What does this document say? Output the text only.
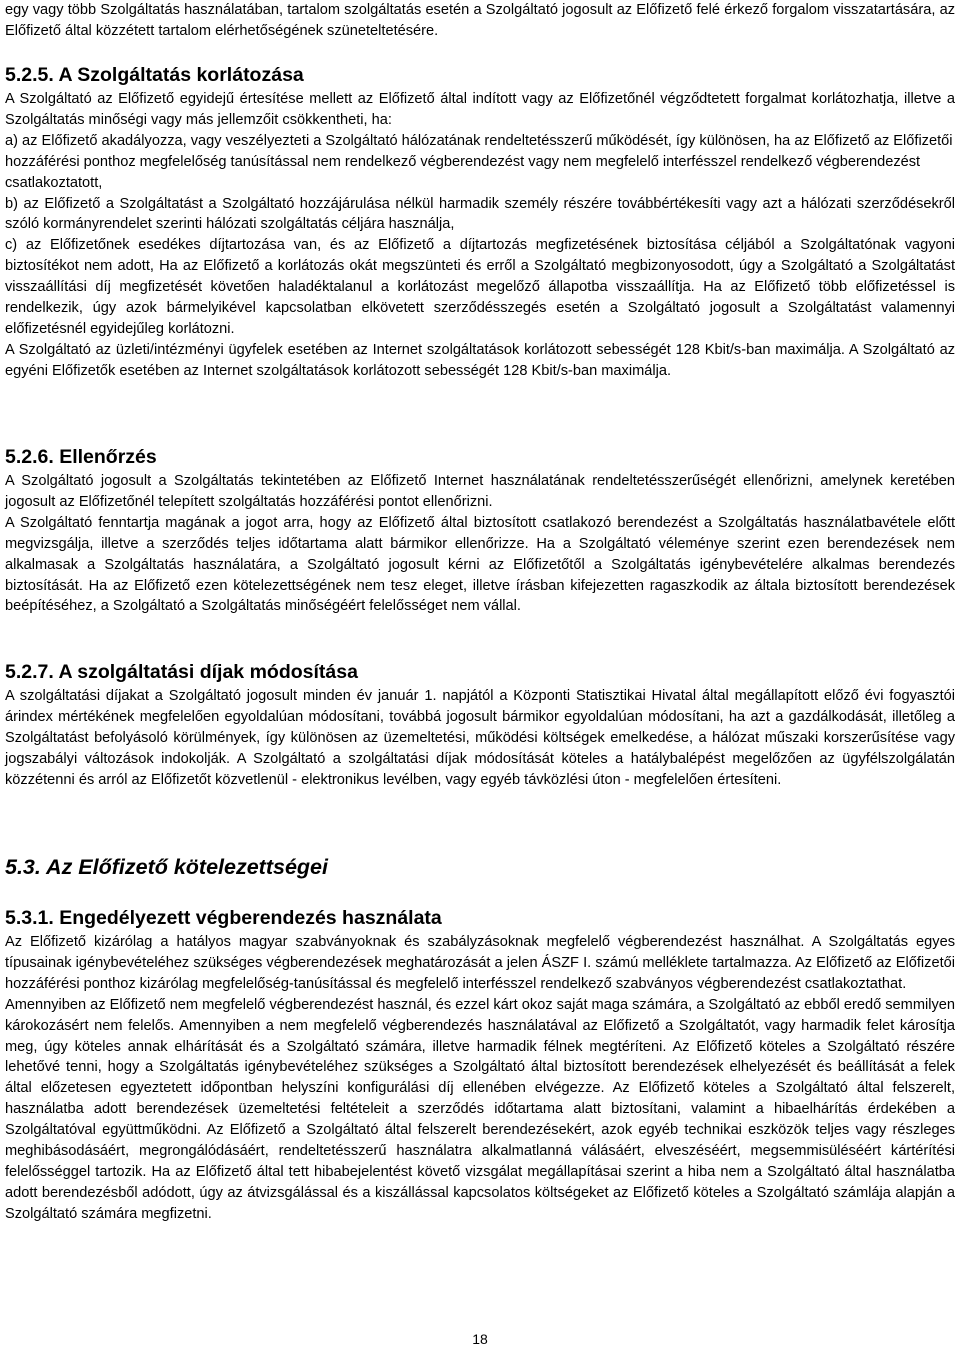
egy vagy több Szolgáltatás használatában, tartalom szolgáltatás esetén a Szolgáltató jogosult az Előfizető felé érkező forgalom visszatartására, az Előfizető által közzétett tartalom elérhetőségének szüneteltetésére.

5.2.5. A Szolgáltatás korlátozása

A Szolgáltató az Előfizető egyidejű értesítése mellett az Előfizető által indított vagy az Előfizetőnél végződtetett forgalmat korlátozhatja, illetve a Szolgáltatás minőségi vagy más jellemzőit csökkentheti, ha:

a) az Előfizető akadályozza, vagy veszélyezteti a Szolgáltató hálózatának rendeltetésszerű működését, így különösen, ha az Előfizető az Előfizetői hozzáférési ponthoz megfelelőség tanúsítással nem rendelkező végberendezést vagy nem megfelelő interfésszel rendelkező végberendezést csatlakoztatott,

b) az Előfizető a Szolgáltatást a Szolgáltató hozzájárulása nélkül harmadik személy részére továbbértékesíti vagy azt a hálózati szerződésekről szóló kormányrendelet szerinti hálózati szolgáltatás céljára használja,

c) az Előfizetőnek esedékes díjtartozása van, és az Előfizető a díjtartozás megfizetésének biztosítása céljából a Szolgáltatónak vagyoni biztosítékot nem adott, Ha az Előfizető a korlátozás okát megszünteti és erről a Szolgáltató megbizonyosodott, úgy a Szolgáltató a Szolgáltatást visszaállítási díj megfizetését követően haladéktalanul a korlátozást megelőző állapotba visszaállítja. Ha az Előfizető több előfizetéssel is rendelkezik, úgy azok bármelyikével kapcsolatban elkövetett szerződésszegés esetén a Szolgáltató jogosult a Szolgáltatást valamennyi előfizetésnél egyidejűleg korlátozni.

A Szolgáltató az üzleti/intézményi ügyfelek esetében az Internet szolgáltatások korlátozott sebességét 128 Kbit/s-ban maximálja. A Szolgáltató az egyéni Előfizetők esetében az Internet szolgáltatások korlátozott sebességét 128 Kbit/s-ban maximálja.

5.2.6. Ellenőrzés

A Szolgáltató jogosult a Szolgáltatás tekintetében az Előfizető Internet használatának rendeltetésszerűségét ellenőrizni, amelynek keretében jogosult az Előfizetőnél telepített szolgáltatás hozzáférési pontot ellenőrizni.

A Szolgáltató fenntartja magának a jogot arra, hogy az Előfizető által biztosított csatlakozó berendezést a Szolgáltatás használatbavétele előtt megvizsgálja, illetve a szerződés teljes időtartama alatt bármikor ellenőrizze. Ha a Szolgáltató véleménye szerint ezen berendezések nem alkalmasak a Szolgáltatás használatára, a Szolgáltató jogosult kérni az Előfizetőtől a Szolgáltatás igénybevételére alkalmas berendezés biztosítását. Ha az Előfizető ezen kötelezettségének nem tesz eleget, illetve írásban kifejezetten ragaszkodik az általa biztosított berendezések beépítéséhez, a Szolgáltató a Szolgáltatás minőségéért felelősséget nem vállal.

5.2.7. A szolgáltatási díjak módosítása

A szolgáltatási díjakat a Szolgáltató jogosult minden év január 1. napjától a Központi Statisztikai Hivatal által megállapított előző évi fogyasztói árindex mértékének megfelelően egyoldalúan módosítani, továbbá jogosult bármikor egyoldalúan módosítani, ha azt a gazdálkodását, illetőleg a Szolgáltatást befolyásoló körülmények, így különösen az üzemeltetési, működési költségek emelkedése, a hálózat műszaki korszerűsítése vagy jogszabályi változások indokolják. A Szolgáltató a szolgáltatási díjak módosítását köteles a hatálybalépést megelőzően az ügyfélszolgálatán közzétenni és arról az Előfizetőt közvetlenül - elektronikus levélben, vagy egyéb távközlési úton - megfelelően értesíteni.

5.3. Az Előfizető kötelezettségei
5.3.1. Engedélyezett végberendezés használata

Az Előfizető kizárólag a hatályos magyar szabványoknak és szabályzásoknak megfelelő végberendezést használhat. A Szolgáltatás egyes típusainak igénybevételéhez szükséges végberendezések meghatározását a jelen ÁSZF I. számú melléklete tartalmazza. Az Előfizető az Előfizetői hozzáférési ponthoz kizárólag megfelelőség-tanúsítással és megfelelő interfésszel rendelkező szabványos végberendezést csatlakoztathat.

Amennyiben az Előfizető nem megfelelő végberendezést használ, és ezzel kárt okoz saját maga számára, a Szolgáltató az ebből eredő semmilyen károkozásért nem felelős. Amennyiben a nem megfelelő végberendezés használatával az Előfizető a Szolgáltatót, vagy harmadik felet károsítja meg, úgy köteles annak elhárítását és a Szolgáltató számára, illetve harmadik félnek megtéríteni. Az Előfizető köteles a Szolgáltató részére lehetővé tenni, hogy a Szolgáltatás igénybevételéhez szükséges a Szolgáltató által biztosított berendezések elhelyezését és beállítását a felek által előzetesen egyeztetett időpontban helyszíni konfigurálási díj ellenében elvégezze. Az Előfizető köteles a Szolgáltató által felszerelt, használatba adott berendezések üzemeltetési feltételeit a szerződés időtartama alatt biztosítani, valamint a hibaelhárítás érdekében a Szolgáltatóval együttműködni. Az Előfizető a Szolgáltató által felszerelt berendezésekért, azok egyéb technikai eszközök teljes vagy részleges meghibásodásáért, megrongálódásáért, rendeltetésszerű használatra alkalmatlanná válásáért, elveszéséért, megsemmisüléséért kártérítési felelősséggel tartozik. Ha az Előfizető által tett hibabejelentést követő vizsgálat megállapításai szerint a hiba nem a Szolgáltató által használatba adott berendezésből adódott, úgy az átvizsgálással és a kiszállással kapcsolatos költségeket az Előfizető köteles a Szolgáltató számlája alapján a Szolgáltató számára megfizetni.

18
